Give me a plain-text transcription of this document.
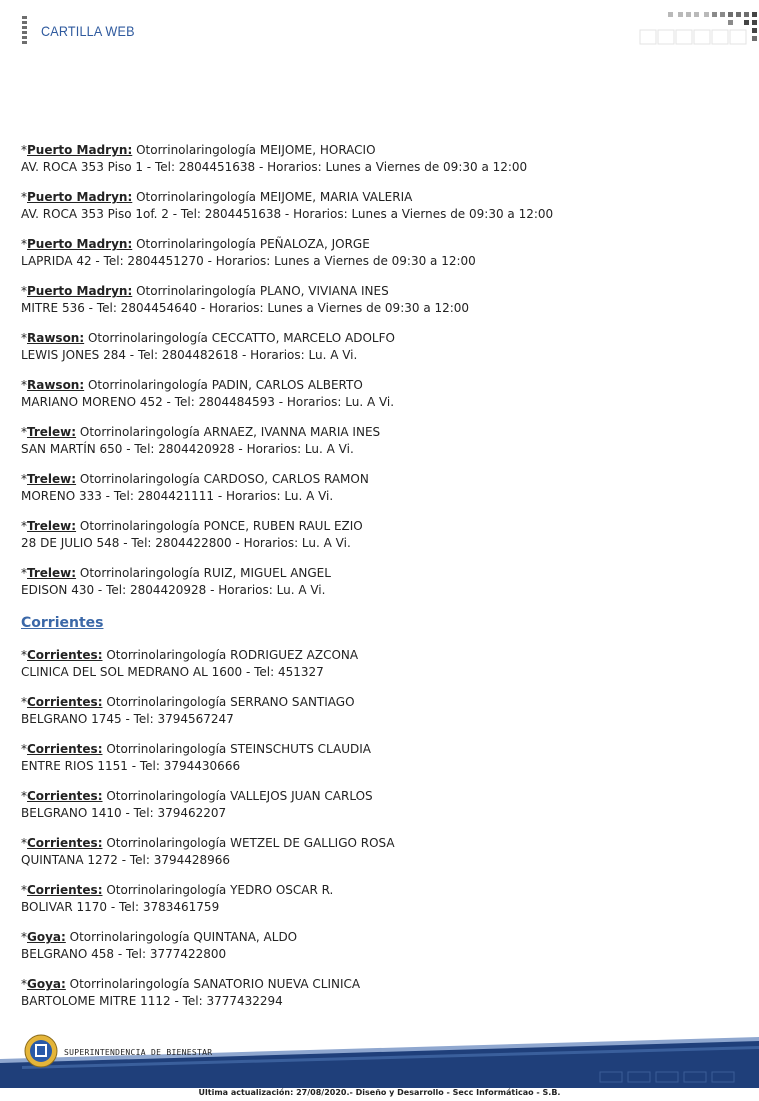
CARTILLA WEB
*Puerto Madryn: Otorrinolaringología MEIJOME, HORACIO
AV. ROCA 353 Piso 1 - Tel: 2804451638 - Horarios: Lunes a Viernes de 09:30 a 12:00
*Puerto Madryn: Otorrinolaringología MEIJOME, MARIA VALERIA
AV. ROCA 353 Piso 1of. 2 - Tel: 2804451638 - Horarios: Lunes a Viernes de 09:30 a 12:00
*Puerto Madryn: Otorrinolaringología PEÑALOZA, JORGE
LAPRIDA 42 - Tel: 2804451270 - Horarios: Lunes a Viernes de 09:30 a 12:00
*Puerto Madryn: Otorrinolaringología PLANO, VIVIANA INES
MITRE 536 - Tel: 2804454640 - Horarios: Lunes a Viernes de 09:30 a 12:00
*Rawson: Otorrinolaringología CECCATTO, MARCELO ADOLFO
LEWIS JONES 284 - Tel: 2804482618 - Horarios: Lu. A Vi.
*Rawson: Otorrinolaringología PADIN, CARLOS ALBERTO
MARIANO MORENO 452 - Tel: 2804484593 - Horarios: Lu. A Vi.
*Trelew: Otorrinolaringología ARNAEZ, IVANNA MARIA INES
SAN MARTÍN 650 - Tel: 2804420928 - Horarios: Lu. A Vi.
*Trelew: Otorrinolaringología CARDOSO, CARLOS RAMON
MORENO 333 - Tel: 2804421111 - Horarios: Lu. A Vi.
*Trelew: Otorrinolaringología PONCE, RUBEN RAUL EZIO
28 DE JULIO 548 - Tel: 2804422800 - Horarios: Lu. A Vi.
*Trelew: Otorrinolaringología RUIZ, MIGUEL ANGEL
EDISON 430 - Tel: 2804420928 - Horarios: Lu. A Vi.
Corrientes
*Corrientes: Otorrinolaringología RODRIGUEZ AZCONA
CLINICA DEL SOL MEDRANO AL 1600 - Tel: 451327
*Corrientes: Otorrinolaringología SERRANO SANTIAGO
BELGRANO 1745 - Tel: 3794567247
*Corrientes: Otorrinolaringología STEINSCHUTS CLAUDIA
ENTRE RIOS 1151 - Tel: 3794430666
*Corrientes: Otorrinolaringología VALLEJOS JUAN CARLOS
BELGRANO 1410 - Tel: 379462207
*Corrientes: Otorrinolaringología WETZEL DE GALLIGO ROSA
QUINTANA 1272 - Tel: 3794428966
*Corrientes: Otorrinolaringología YEDRO OSCAR R.
BOLIVAR 1170 - Tel: 3783461759
*Goya: Otorrinolaringología QUINTANA, ALDO
BELGRANO 458 - Tel: 3777422800
*Goya: Otorrinolaringología SANATORIO NUEVA CLINICA
BARTOLOME MITRE 1112 - Tel: 3777432294
SUPERINTENDENCIA DE BIENESTAR
Ultima actualización: 27/08/2020.- Diseño y Desarrollo - Secc Informáticao - S.B.
